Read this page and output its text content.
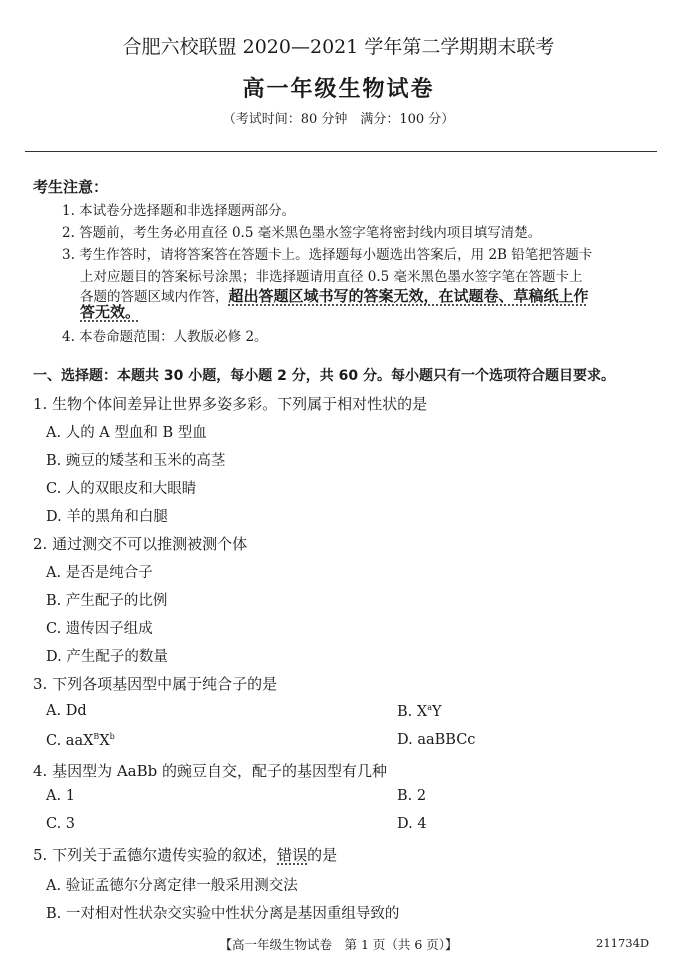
合肥六校联盟 2020—2021 学年第二学期期末联考
高一年级生物试卷
（考试时间：80 分钟　满分：100 分）
考生注意：
1. 本试卷分选择题和非选择题两部分。
2. 答题前，考生务必用直径 0.5 毫米黑色墨水签字笔将密封线内项目填写清楚。
3. 考生作答时，请将答案答在答题卡上。选择题每小题选出答案后，用 2B 铅笔把答题卡
上对应题目的答案标号涂黑；非选择题请用直径 0.5 毫米黑色墨水签字笔在答题卡上
各题的答题区域内作答，超出答题区域书写的答案无效，在试题卷、草稿纸上作
答无效。
4. 本卷命题范围：人教版必修 2。
一、选择题：本题共 30 小题，每小题 2 分，共 60 分。每小题只有一个选项符合题目要求。
1. 生物个体间差异让世界多姿多彩。下列属于相对性状的是
A. 人的 A 型血和 B 型血
B. 豌豆的矮茎和玉米的高茎
C. 人的双眼皮和大眼睛
D. 羊的黑角和白腿
2. 通过测交不可以推测被测个体
A. 是否是纯合子
B. 产生配子的比例
C. 遗传因子组成
D. 产生配子的数量
3. 下列各项基因型中属于纯合子的是
A. Dd	B. $X^aY$
C. $aaX^BX^b$	D. aaBBCc
4. 基因型为 AaBb 的豌豆自交，配子的基因型有几种
A. 1	B. 2
C. 3	D. 4
5. 下列关于孟德尔遗传实验的叙述，错误的是
A. 验证孟德尔分离定律一般采用测交法
B. 一对相对性状杂交实验中性状分离是基因重组导致的
【高一年级生物试卷　第 1 页（共 6 页）】	211734D
